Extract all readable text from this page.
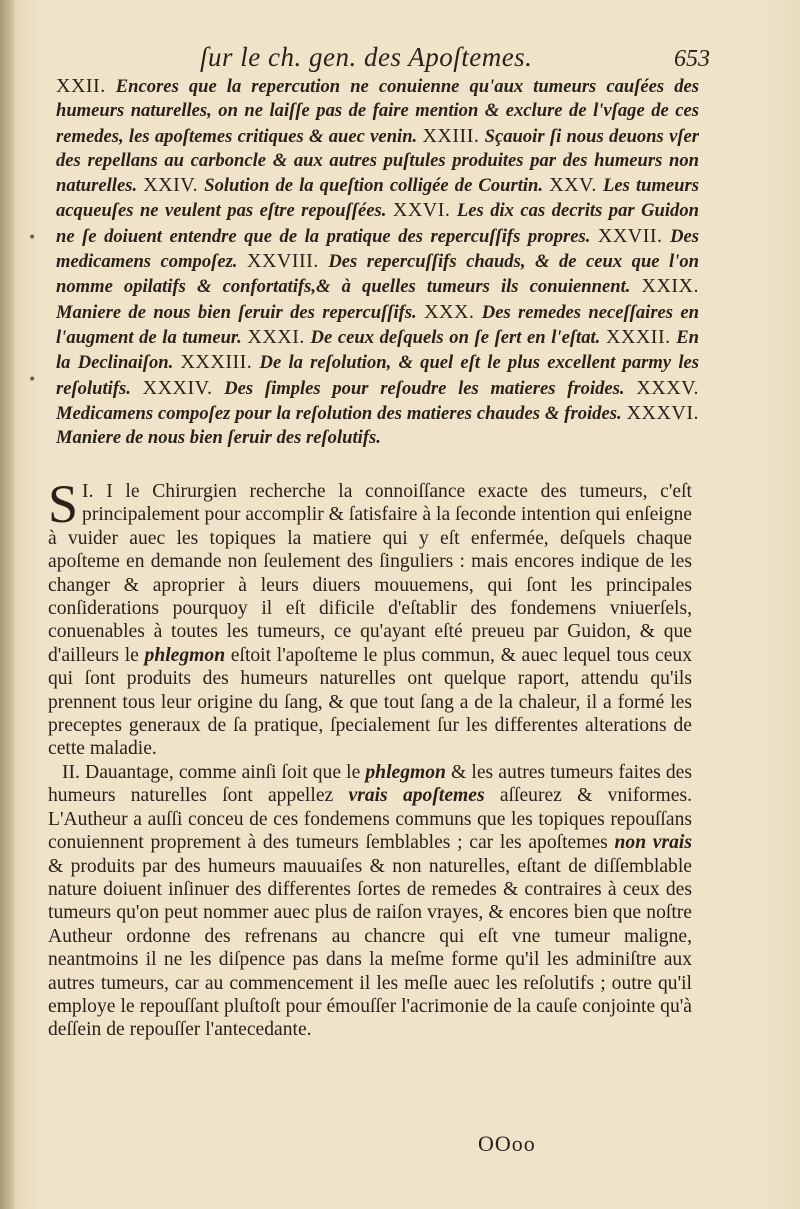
ſur le ch. gen. des Apoſtemes.	653
XXII. Encores que la repercution ne conuienne qu'aux tumeurs cauſées des humeurs naturelles, on ne laiſſe pas de faire mention & exclure de l'vſage de ces remedes, les apoſtemes critiques & auec venin. XXIII. Sçauoir ſi nous deuons vſer des repellans au carboncle & aux autres puſtules produites par des humeurs non naturelles. XXIV. Solution de la queſtion colligée de Courtin. XXV. Les tumeurs acqueuſes ne veulent pas eſtre repouſſées. XXVI. Les dix cas decrits par Guidon ne ſe doiuent entendre que de la pratique des repercuſſifs propres. XXVII. Des medicamens compoſez. XXVIII. Des repercuſſifs chauds, & de ceux que l'on nomme opilatifs & confortatifs,& à quelles tumeurs ils conuiennent. XXIX. Maniere de nous bien ſeruir des repercuſſifs. XXX. Des remedes neceſſaires en l'augment de la tumeur. XXXI. De ceux deſquels on ſe ſert en l'eſtat. XXXII. En la Declinaiſon. XXXIII. De la reſolution, & quel eſt le plus excellent parmy les reſolutifs. XXXIV. Des ſimples pour reſoudre les matieres froides. XXXV. Medicamens compoſez pour la reſolution des matieres chaudes & froides. XXXVI. Maniere de nous bien ſeruir des reſolutifs.

I.
S I le Chirurgien recherche la connoiſſance exacte des tumeurs, c'eſt principalement pour accomplir & ſatisfaire à la ſeconde intention qui enſeigne à vuider auec les topiques la matiere qui y eſt enfermée, deſquels chaque apoſteme en demande non ſeulement des ſinguliers : mais encores indique de les changer & aproprier à leurs diuers mouuemens, qui ſont les principales conſiderations pourquoy il eſt dificile d'eſtablir des fondemens vniuerſels, conuenables à toutes les tumeurs, ce qu'ayant eſté preueu par Guidon, & que d'ailleurs le phlegmon eſtoit l'apoſteme le plus commun, & auec lequel tous ceux qui ſont produits des humeurs naturelles ont quelque raport, attendu qu'ils prennent tous leur origine du ſang, & que tout ſang a de la chaleur, il a formé les preceptes generaux de ſa pratique, ſpecialement ſur les differentes alterations de cette maladie.

II. Dauantage, comme ainſi ſoit que le phlegmon & les autres tumeurs faites des humeurs naturelles ſont appellez vrais apoſtemes aſſeurez & vniformes. L'Autheur a auſſi conceu de ces fondemens communs que les topiques repouſſans conuiennent proprement à des tumeurs ſemblables ; car les apoſtemes non vrais & produits par des humeurs mauuaiſes & non naturelles, eſtant de diſſemblable nature doiuent inſinuer des differentes ſortes de remedes & contraires à ceux des tumeurs qu'on peut nommer auec plus de raiſon vrayes, & encores bien que noſtre Autheur ordonne des refrenans au chancre qui eſt vne tumeur maligne, neantmoins il ne les diſpence pas dans la meſme forme qu'il les adminiſtre aux autres tumeurs, car au commencement il les meſle auec les reſolutifs ; outre qu'il employe le repouſſant pluſtoſt pour émouſſer l'acrimonie de la cauſe conjointe qu'à deſſein de repouſſer l'antecedante.

OOoo
•
•
